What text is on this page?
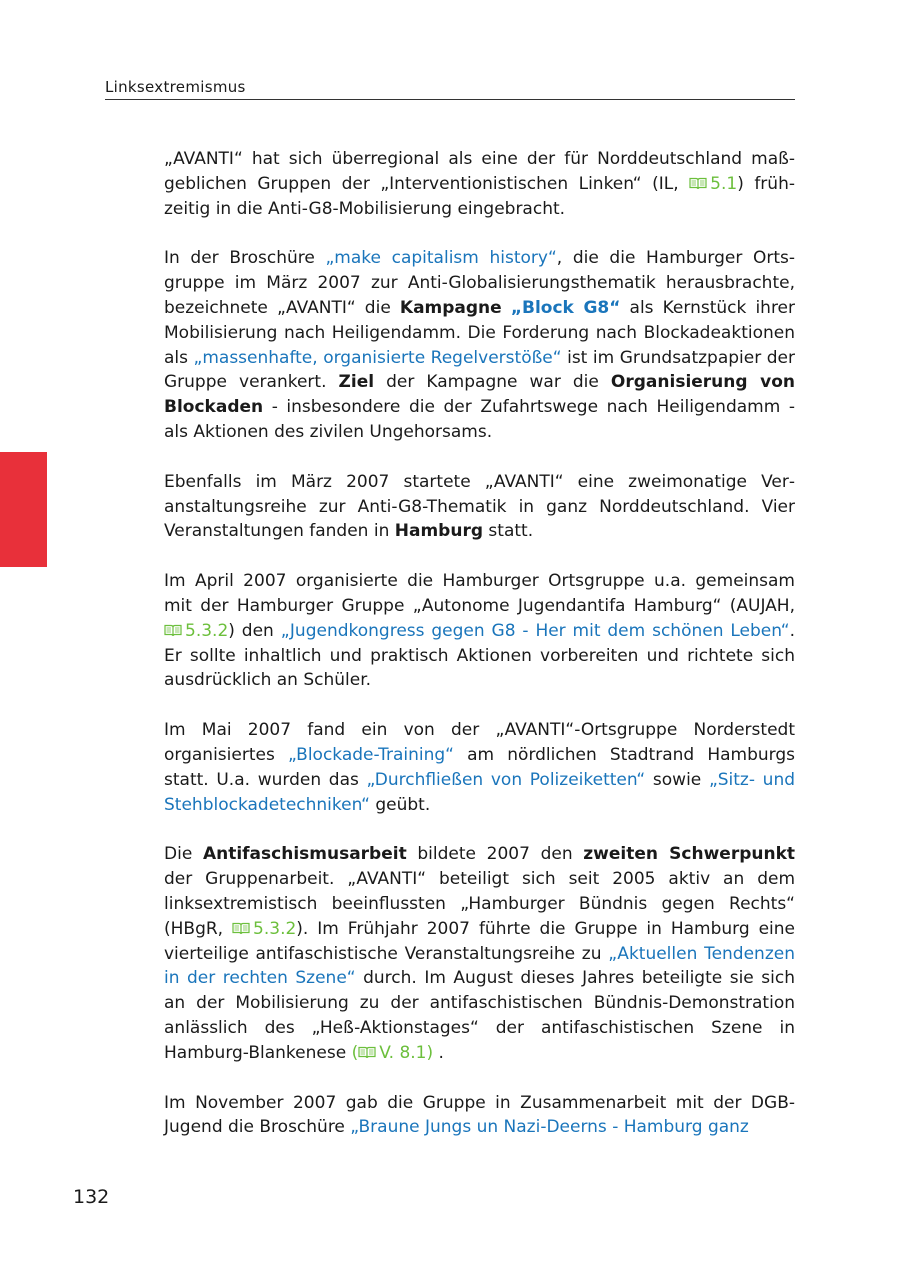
Linksextremismus

„AVANTI“ hat sich überregional als eine der für Norddeutschland maßgeblichen Gruppen der „Interventionistischen Linken“ (IL, 5.1) frühzeitig in die Anti-G8-Mobilisierung eingebracht.

In der Broschüre „make capitalism history“, die die Hamburger Ortsgruppe im März 2007 zur Anti-Globalisierungsthematik herausbrachte, bezeichnete „AVANTI“ die Kampagne „Block G8“ als Kernstück ihrer Mobilisierung nach Heiligendamm. Die Forderung nach Blockadeaktionen als „massenhafte, organisierte Regelverstöße“ ist im Grundsatzpapier der Gruppe verankert. Ziel der Kampagne war die Organisierung von Blockaden - insbesondere die der Zufahrtswege nach Heiligendamm - als Aktionen des zivilen Ungehorsams.

Ebenfalls im März 2007 startete „AVANTI“ eine zweimonatige Veranstaltungsreihe zur Anti-G8-Thematik in ganz Norddeutschland. Vier Veranstaltungen fanden in Hamburg statt.

Im April 2007 organisierte die Hamburger Ortsgruppe u.a. gemeinsam mit der Hamburger Gruppe „Autonome Jugendantifa Hamburg“ (AUJAH, 5.3.2) den „Jugendkongress gegen G8 - Her mit dem schönen Leben“. Er sollte inhaltlich und praktisch Aktionen vorbereiten und richtete sich ausdrücklich an Schüler.

Im Mai 2007 fand ein von der „AVANTI“-Ortsgruppe Norderstedt organisiertes „Blockade-Training“ am nördlichen Stadtrand Hamburgs statt. U.a. wurden das „Durchfließen von Polizeiketten“ sowie „Sitz- und Stehblockadetechniken“ geübt.

Die Antifaschismusarbeit bildete 2007 den zweiten Schwerpunkt der Gruppenarbeit. „AVANTI“ beteiligt sich seit 2005 aktiv an dem linksextremistisch beeinflussten „Hamburger Bündnis gegen Rechts“ (HBgR, 5.3.2). Im Frühjahr 2007 führte die Gruppe in Hamburg eine vierteilige antifaschistische Veranstaltungsreihe zu „Aktuellen Tendenzen in der rechten Szene“ durch. Im August dieses Jahres beteiligte sie sich an der Mobilisierung zu der antifaschistischen Bündnis-Demonstration anlässlich des „Heß-Aktionstages“ der antifaschistischen Szene in Hamburg-Blankenese ( V. 8.1) .

Im November 2007 gab die Gruppe in Zusammenarbeit mit der DGB-Jugend die Broschüre „Braune Jungs un Nazi-Deerns - Hamburg ganz

132
